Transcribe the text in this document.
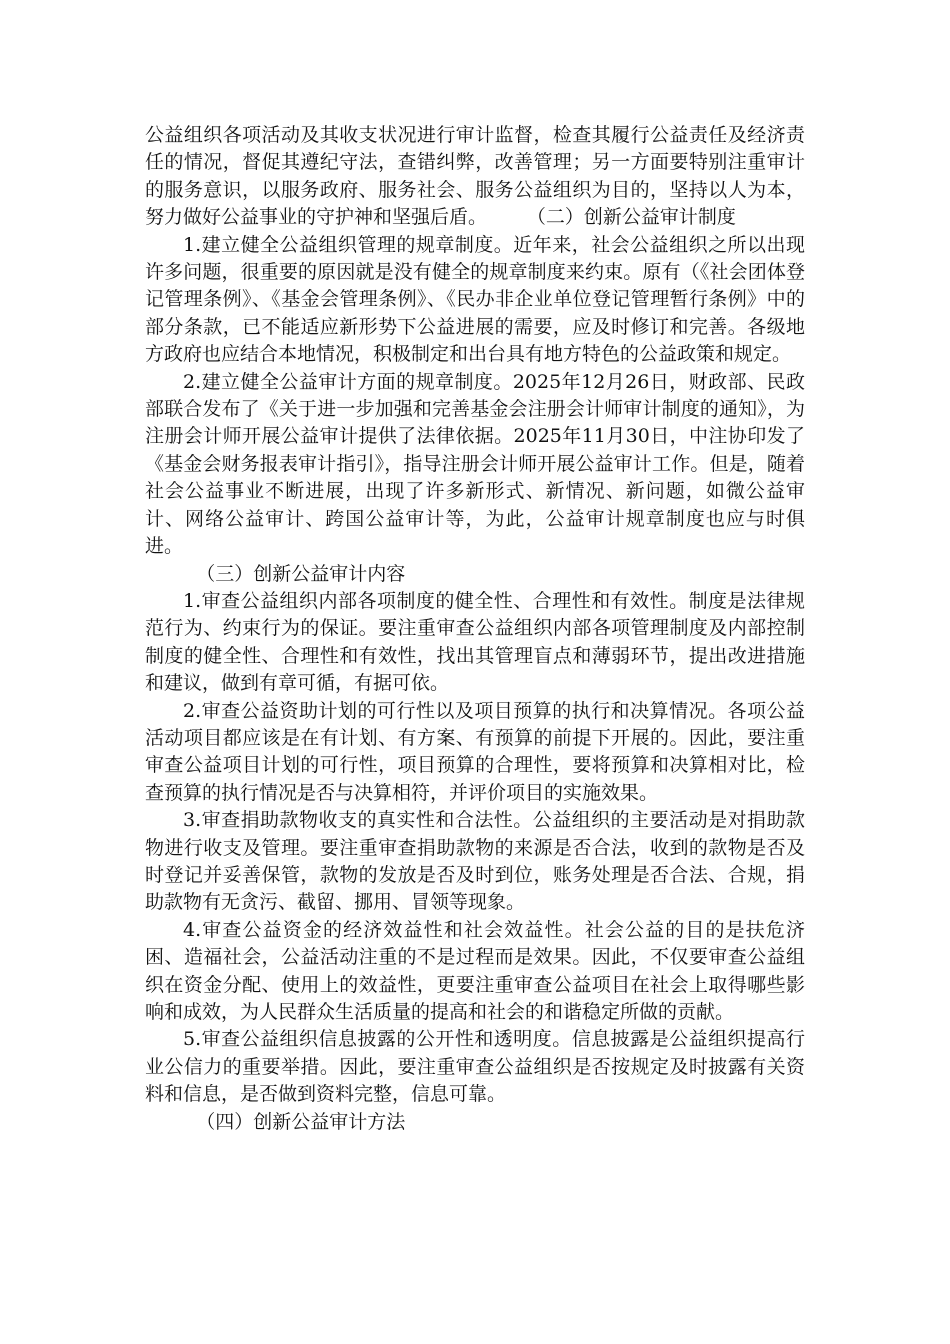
公益组织各项活动及其收支状况进行审计监督，检查其履行公益责任及经济责任的情况，督促其遵纪守法，查错纠弊，改善管理；另一方面要特别注重审计的服务意识，以服务政府、服务社会、服务公益组织为目的，坚持以人为本，努力做好公益事业的守护神和坚强后盾。	（二）创新公益审计制度

1.建立健全公益组织管理的规章制度。近年来，社会公益组织之所以出现许多问题，很重要的原因就是没有健全的规章制度来约束。原有（《社会团体登记管理条例》、《基金会管理条例》、《民办非企业单位登记管理暂行条例》中的部分条款，已不能适应新形势下公益进展的需要，应及时修订和完善。各级地方政府也应结合本地情况，积极制定和出台具有地方特色的公益政策和规定。

2.建立健全公益审计方面的规章制度。2025年12月26日，财政部、民政部联合发布了《关于进一步加强和完善基金会注册会计师审计制度的通知》，为注册会计师开展公益审计提供了法律依据。2025年11月30日，中注协印发了《基金会财务报表审计指引》，指导注册会计师开展公益审计工作。但是，随着社会公益事业不断进展，出现了许多新形式、新情况、新问题，如微公益审计、网络公益审计、跨国公益审计等，为此，公益审计规章制度也应与时俱进。

（三）创新公益审计内容

1.审查公益组织内部各项制度的健全性、合理性和有效性。制度是法律规范行为、约束行为的保证。要注重审查公益组织内部各项管理制度及内部控制制度的健全性、合理性和有效性，找出其管理盲点和薄弱环节，提出改进措施和建议，做到有章可循，有据可依。

2.审查公益资助计划的可行性以及项目预算的执行和决算情况。各项公益活动项目都应该是在有计划、有方案、有预算的前提下开展的。因此，要注重审查公益项目计划的可行性，项目预算的合理性，要将预算和决算相对比，检查预算的执行情况是否与决算相符，并评价项目的实施效果。

3.审查捐助款物收支的真实性和合法性。公益组织的主要活动是对捐助款物进行收支及管理。要注重审查捐助款物的来源是否合法，收到的款物是否及时登记并妥善保管，款物的发放是否及时到位，账务处理是否合法、合规，捐助款物有无贪污、截留、挪用、冒领等现象。

4.审查公益资金的经济效益性和社会效益性。社会公益的目的是扶危济困、造福社会，公益活动注重的不是过程而是效果。因此，不仅要审查公益组织在资金分配、使用上的效益性，更要注重审查公益项目在社会上取得哪些影响和成效，为人民群众生活质量的提高和社会的和谐稳定所做的贡献。

5.审查公益组织信息披露的公开性和透明度。信息披露是公益组织提高行业公信力的重要举措。因此，要注重审查公益组织是否按规定及时披露有关资料和信息，是否做到资料完整，信息可靠。

（四）创新公益审计方法
